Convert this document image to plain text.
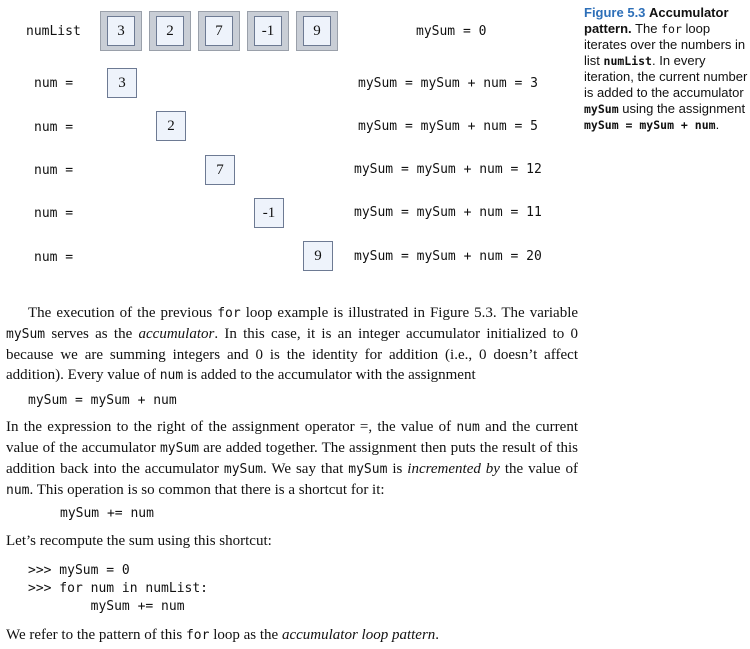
numList	3	2	7	-1	9	mySum = 0
num =	3	mySum = mySum + num = 3
num =	2	mySum = mySum + num = 5
num =	7	mySum = mySum + num = 12
num =	-1	mySum = mySum + num = 11
num =	9	mySum = mySum + num = 20
Figure 5.3 Accumulator pattern. The for loop iterates over the numbers in list numList. In every iteration, the current number is added to the accumulator mySum using the assignment mySum = mySum + num.
The execution of the previous for loop example is illustrated in Figure 5.3. The variable mySum serves as the accumulator. In this case, it is an integer accumulator initialized to 0 because we are summing integers and 0 is the identity for addition (i.e., 0 doesn’t affect addition). Every value of num is added to the accumulator with the assignment
mySum = mySum + num
In the expression to the right of the assignment operator =, the value of num and the current value of the accumulator mySum are added together. The assignment then puts the result of this addition back into the accumulator mySum. We say that mySum is incremented by the value of num. This operation is so common that there is a shortcut for it:
mySum += num
Let’s recompute the sum using this shortcut:
>>> mySum = 0
>>> for num in numList:
mySum += num
We refer to the pattern of this for loop as the accumulator loop pattern.
